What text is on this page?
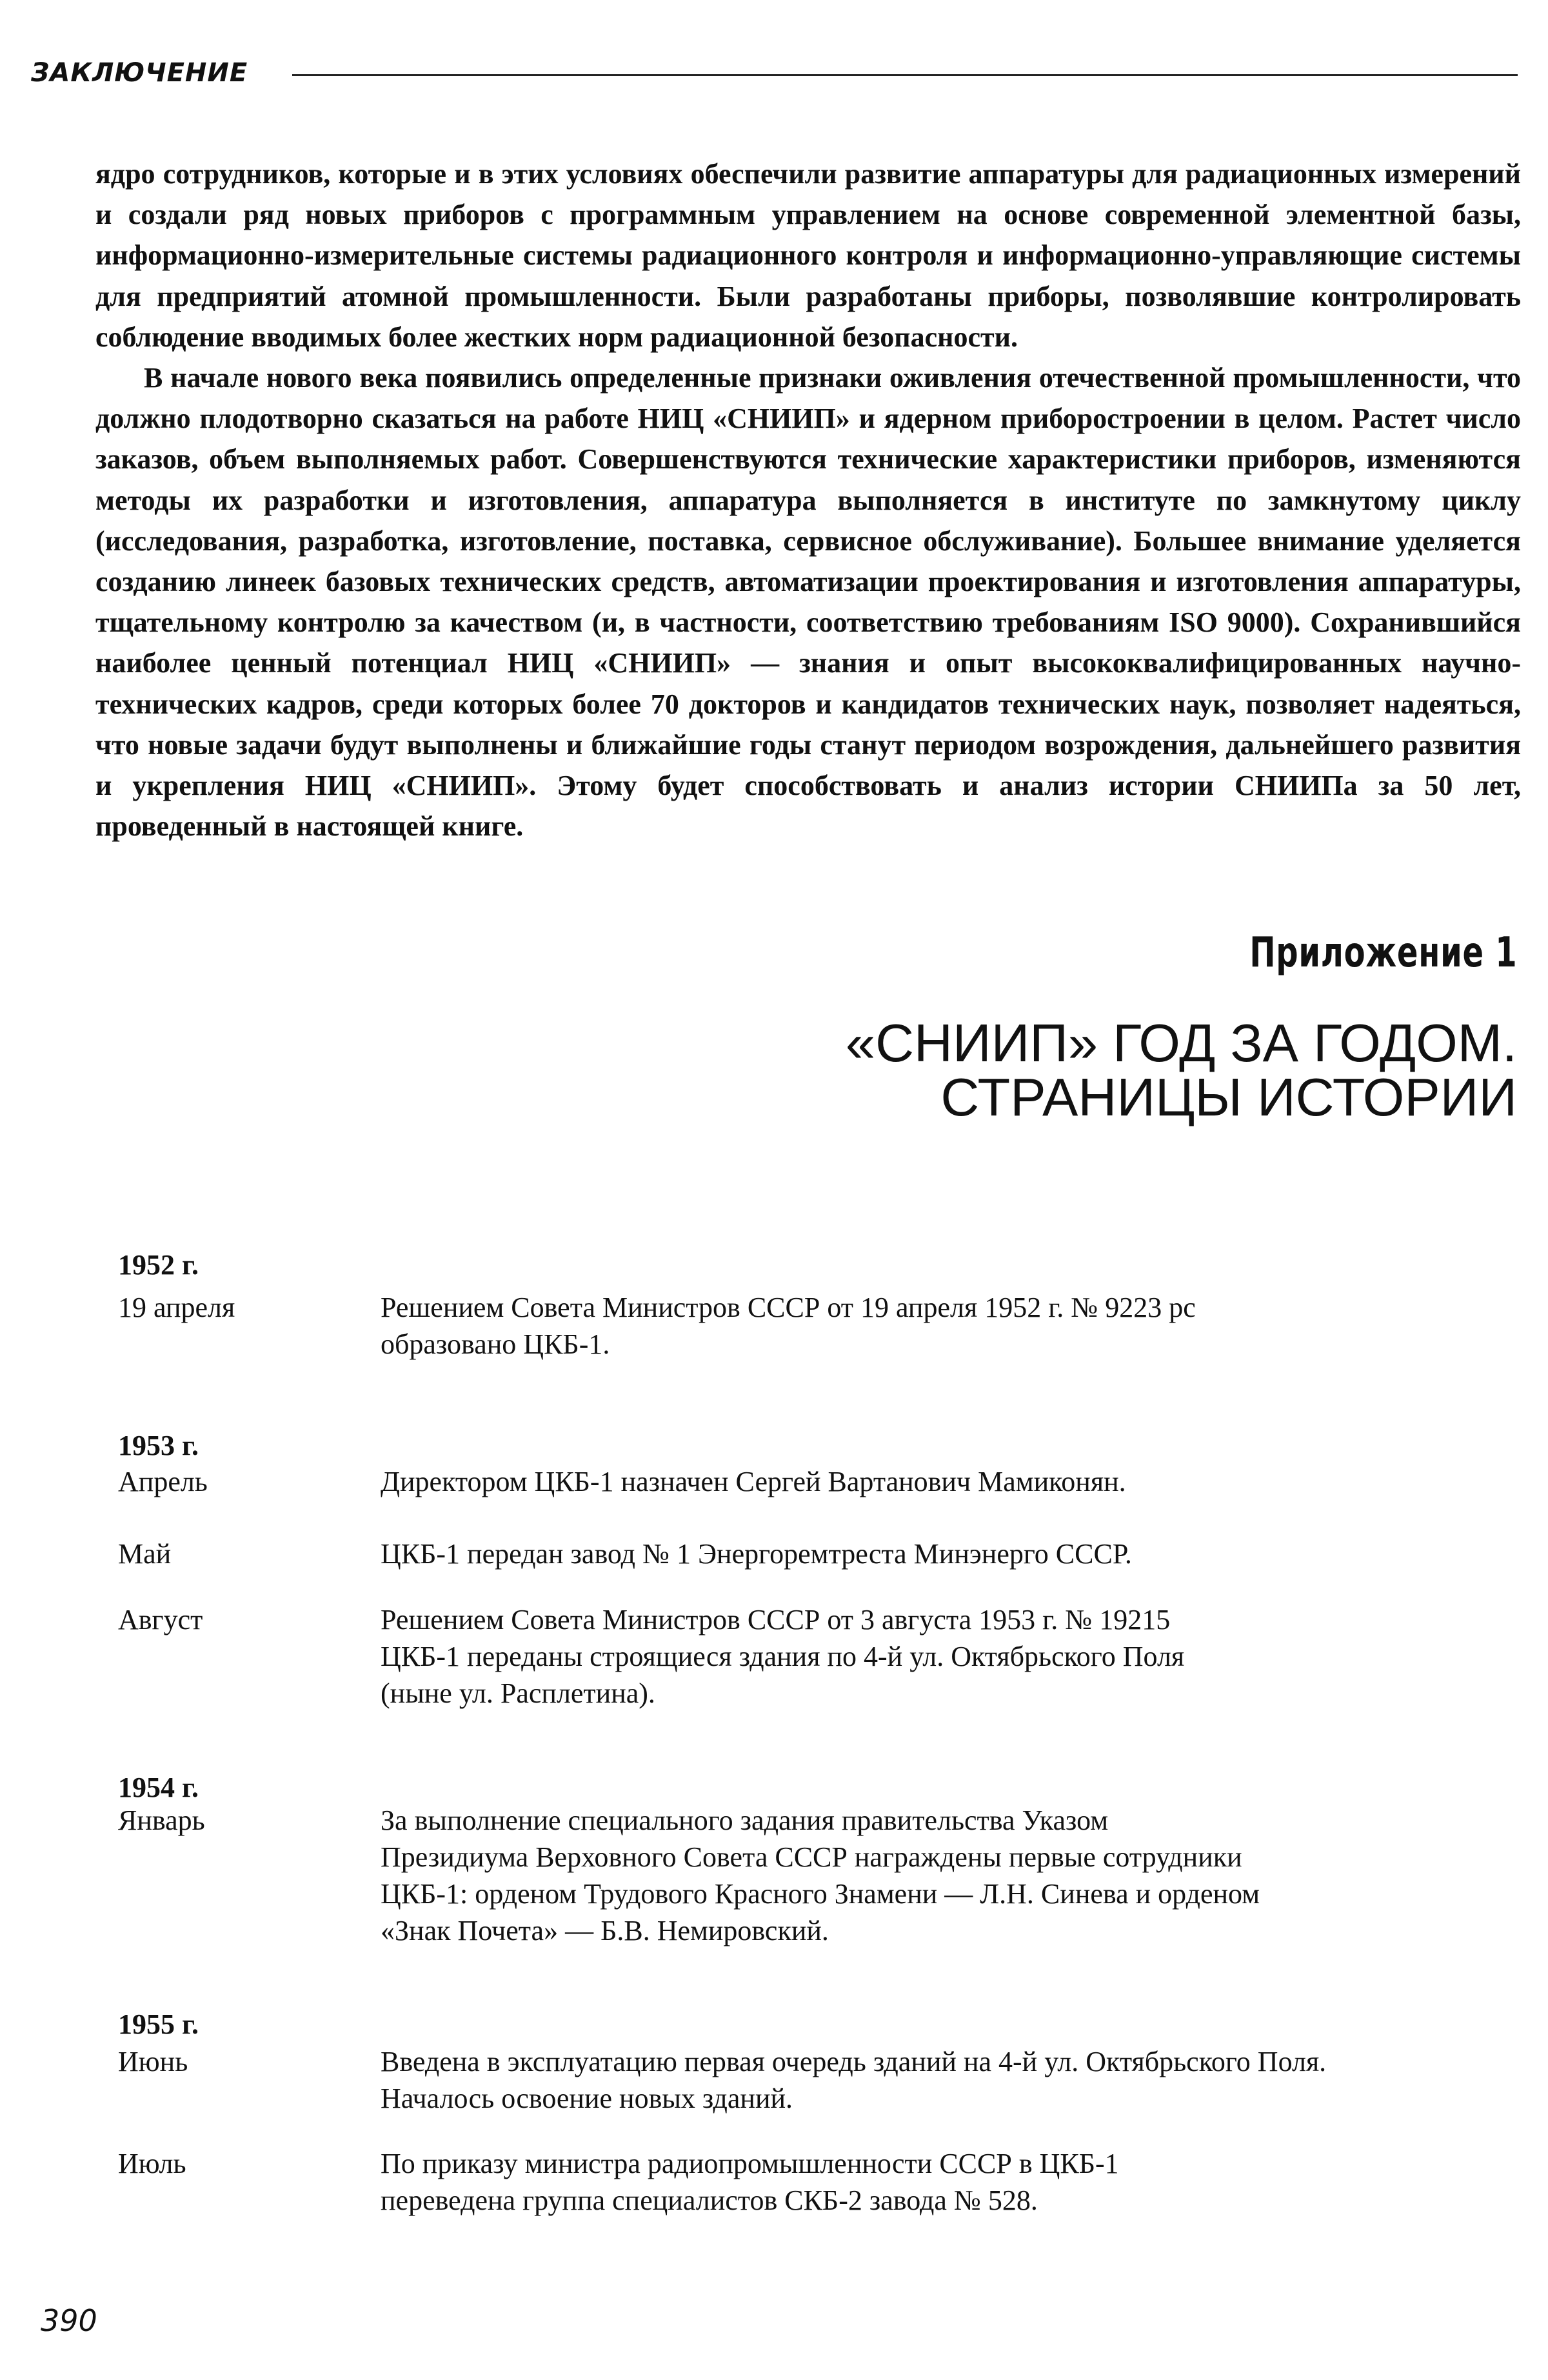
ЗАКЛЮЧЕНИЕ

ядро сотрудников, которые и в этих условиях обеспечили развитие аппаратуры для радиационных измерений и создали ряд новых приборов с программным управлением на основе современной элементной базы, информационно-измерительные системы радиационного контроля и информационно-управляющие системы для предприятий атомной промышленности. Были разработаны приборы, позволявшие контролировать соблюдение вводимых более жестких норм радиационной безопасности.

В начале нового века появились определенные признаки оживления отечественной промышленности, что должно плодотворно сказаться на работе НИЦ «СНИИП» и ядерном приборостроении в целом. Растет число заказов, объем выполняемых работ. Совершенствуются технические характеристики приборов, изменяются методы их разработки и изготовления, аппаратура выполняется в институте по замкнутому циклу (исследования, разработка, изготовление, поставка, сервисное обслуживание). Большее внимание уделяется созданию линеек базовых технических средств, автоматизации проектирования и изготовления аппаратуры, тщательному контролю за качеством (и, в частности, соответствию требованиям ISO 9000). Сохранившийся наиболее ценный потенциал НИЦ «СНИИП» — знания и опыт высококвалифицированных научно-технических кадров, среди которых более 70 докторов и кандидатов технических наук, позволяет надеяться, что новые задачи будут выполнены и ближайшие годы станут периодом возрождения, дальнейшего развития и укрепления НИЦ «СНИИП». Этому будет способствовать и анализ истории СНИИПа за 50 лет, проведенный в настоящей книге.

Приложение 1
«СНИИП» ГОД ЗА ГОДОМ.
СТРАНИЦЫ ИСТОРИИ
1952 г.
19 апреля	Решением Совета Министров СССР от 19 апреля 1952 г. № 9223 рс
образовано ЦКБ-1.
1953 г.
Апрель	Директором ЦКБ-1 назначен Сергей Вартанович Мамиконян.
Май	ЦКБ-1 передан завод № 1 Энергоремтреста Минэнерго СССР.
Август	Решением Совета Министров СССР от 3 августа 1953 г. № 19215
ЦКБ-1 переданы строящиеся здания по 4-й ул. Октябрьского Поля
(ныне ул. Расплетина).
1954 г.
Январь	За выполнение специального задания правительства Указом
Президиума Верховного Совета СССР награждены первые сотрудники
ЦКБ-1: орденом Трудового Красного Знамени — Л.Н. Синева и орденом
«Знак Почета» — Б.В. Немировский.
1955 г.
Июнь	Введена в эксплуатацию первая очередь зданий на 4-й ул. Октябрьского Поля.
Началось освоение новых зданий.
Июль	По приказу министра радиопромышленности СССР в ЦКБ-1
переведена группа специалистов СКБ-2 завода № 528.
390
